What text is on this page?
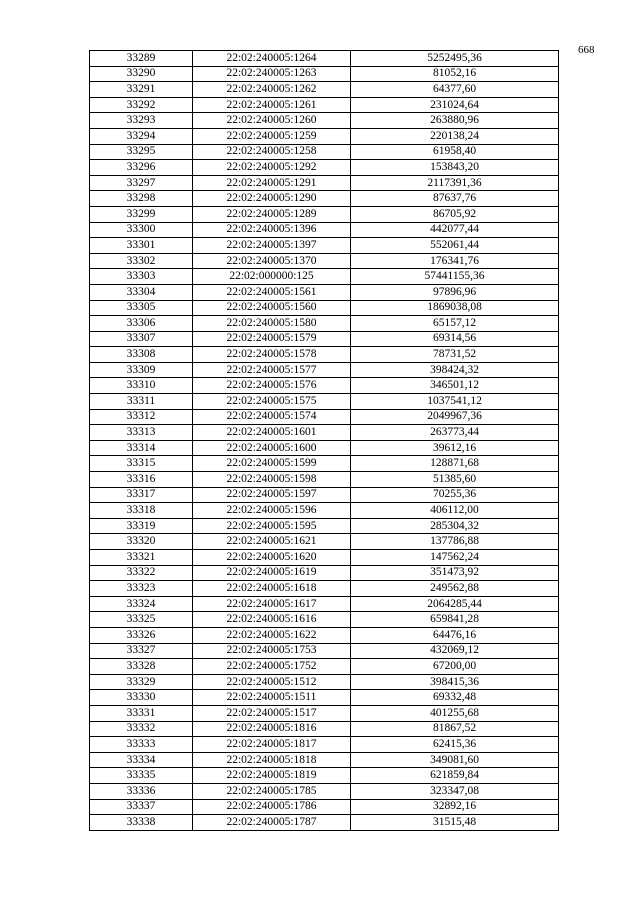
668
33289	22:02:240005:1264	5252495,36
33290	22:02:240005:1263	81052,16
33291	22:02:240005:1262	64377,60
33292	22:02:240005:1261	231024,64
33293	22:02:240005:1260	263880,96
33294	22:02:240005:1259	220138,24
33295	22:02:240005:1258	61958,40
33296	22:02:240005:1292	153843,20
33297	22:02:240005:1291	2117391,36
33298	22:02:240005:1290	87637,76
33299	22:02:240005:1289	86705,92
33300	22:02:240005:1396	442077,44
33301	22:02:240005:1397	552061,44
33302	22:02:240005:1370	176341,76
33303	22:02:000000:125	57441155,36
33304	22:02:240005:1561	97896,96
33305	22:02:240005:1560	1869038,08
33306	22:02:240005:1580	65157,12
33307	22:02:240005:1579	69314,56
33308	22:02:240005:1578	78731,52
33309	22:02:240005:1577	398424,32
33310	22:02:240005:1576	346501,12
33311	22:02:240005:1575	1037541,12
33312	22:02:240005:1574	2049967,36
33313	22:02:240005:1601	263773,44
33314	22:02:240005:1600	39612,16
33315	22:02:240005:1599	128871,68
33316	22:02:240005:1598	51385,60
33317	22:02:240005:1597	70255,36
33318	22:02:240005:1596	406112,00
33319	22:02:240005:1595	285304,32
33320	22:02:240005:1621	137786,88
33321	22:02:240005:1620	147562,24
33322	22:02:240005:1619	351473,92
33323	22:02:240005:1618	249562,88
33324	22:02:240005:1617	2064285,44
33325	22:02:240005:1616	659841,28
33326	22:02:240005:1622	64476,16
33327	22:02:240005:1753	432069,12
33328	22:02:240005:1752	67200,00
33329	22:02:240005:1512	398415,36
33330	22:02:240005:1511	69332,48
33331	22:02:240005:1517	401255,68
33332	22:02:240005:1816	81867,52
33333	22:02:240005:1817	62415,36
33334	22:02:240005:1818	349081,60
33335	22:02:240005:1819	621859,84
33336	22:02:240005:1785	323347,08
33337	22:02:240005:1786	32892,16
33338	22:02:240005:1787	31515,48
